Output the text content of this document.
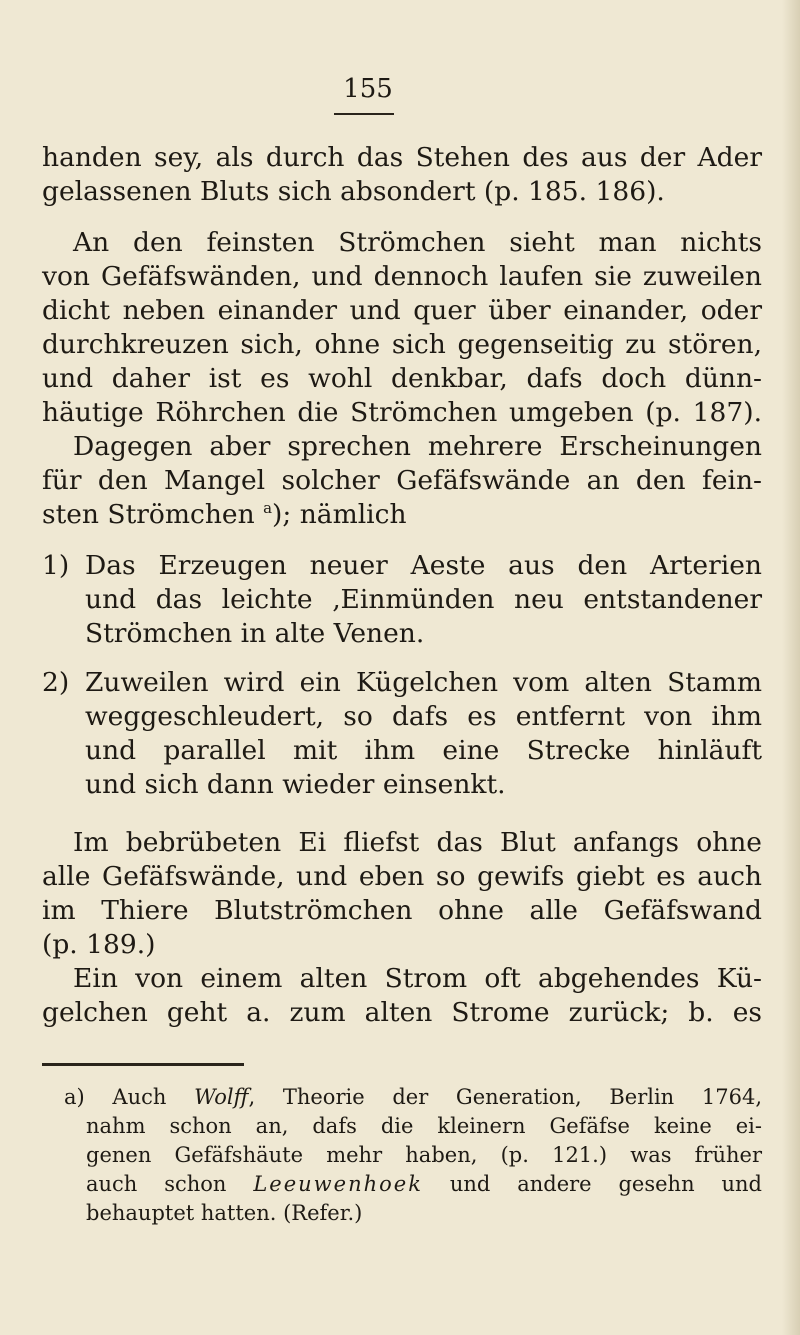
155
handen sey, als durch das Stehen des aus der Ader
gelassenen Bluts sich absondert (p. 185. 186).
An den feinsten Strömchen sieht man nichts
von Gefäfswänden, und dennoch laufen sie zuweilen
dicht neben einander und quer über einander, oder
durchkreuzen sich, ohne sich gegenseitig zu stören,
und daher ist es wohl denkbar, dafs doch dünn-
häutige Röhrchen die Strömchen umgeben (p. 187).
Dagegen aber sprechen mehrere Erscheinungen
für den Mangel solcher Gefäfswände an den fein-
sten Strömchen $^a$); nämlich
1) Das Erzeugen neuer Aeste aus den Arterien
und das leichte ‚Einmünden neu entstandener
Strömchen in alte Venen.
2) Zuweilen wird ein Kügelchen vom alten Stamm
weggeschleudert, so dafs es entfernt von ihm
und parallel mit ihm eine Strecke hinläuft
und sich dann wieder einsenkt.
Im bebrübeten Ei fliefst das Blut anfangs ohne
alle Gefäfswände, und eben so gewifs giebt es auch
im Thiere Blutströmchen ohne alle Gefäfswand
(p. 189.)
Ein von einem alten Strom oft abgehendes Kü-
gelchen geht a. zum alten Strome zurück; b. es
a) Auch Wolff, Theorie der Generation, Berlin 1764,
nahm schon an, dafs die kleinern Gefäfse keine ei-
genen Gefäfshäute mehr haben, (p. 121.) was früher
auch schon Leeuwenhoek und andere gesehn und
behauptet hatten. (Refer.)
